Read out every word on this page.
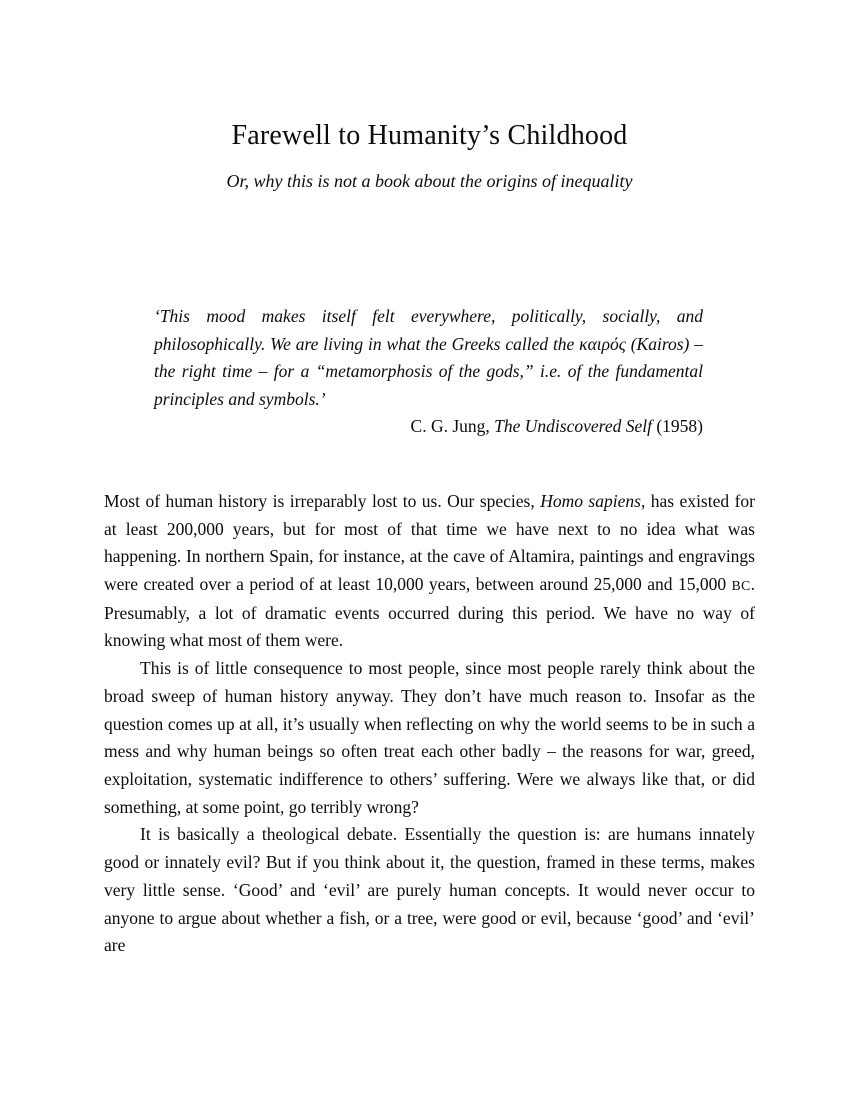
Farewell to Humanity’s Childhood
Or, why this is not a book about the origins of inequality

‘This mood makes itself felt everywhere, politically, socially, and philosophically. We are living in what the Greeks called the καιρός (Kairos) – the right time – for a “metamorphosis of the gods,” i.e. of the fundamental principles and symbols.’

C. G. Jung, The Undiscovered Self (1958)

Most of human history is irreparably lost to us. Our species, Homo sapiens, has existed for at least 200,000 years, but for most of that time we have next to no idea what was happening. In northern Spain, for instance, at the cave of Altamira, paintings and engravings were created over a period of at least 10,000 years, between around 25,000 and 15,000 BC. Presumably, a lot of dramatic events occurred during this period. We have no way of knowing what most of them were.

This is of little consequence to most people, since most people rarely think about the broad sweep of human history anyway. They don’t have much reason to. Insofar as the question comes up at all, it’s usually when reflecting on why the world seems to be in such a mess and why human beings so often treat each other badly – the reasons for war, greed, exploitation, systematic indifference to others’ suffering. Were we always like that, or did something, at some point, go terribly wrong?

It is basically a theological debate. Essentially the question is: are humans innately good or innately evil? But if you think about it, the question, framed in these terms, makes very little sense. ‘Good’ and ‘evil’ are purely human concepts. It would never occur to anyone to argue about whether a fish, or a tree, were good or evil, because ‘good’ and ‘evil’ are
